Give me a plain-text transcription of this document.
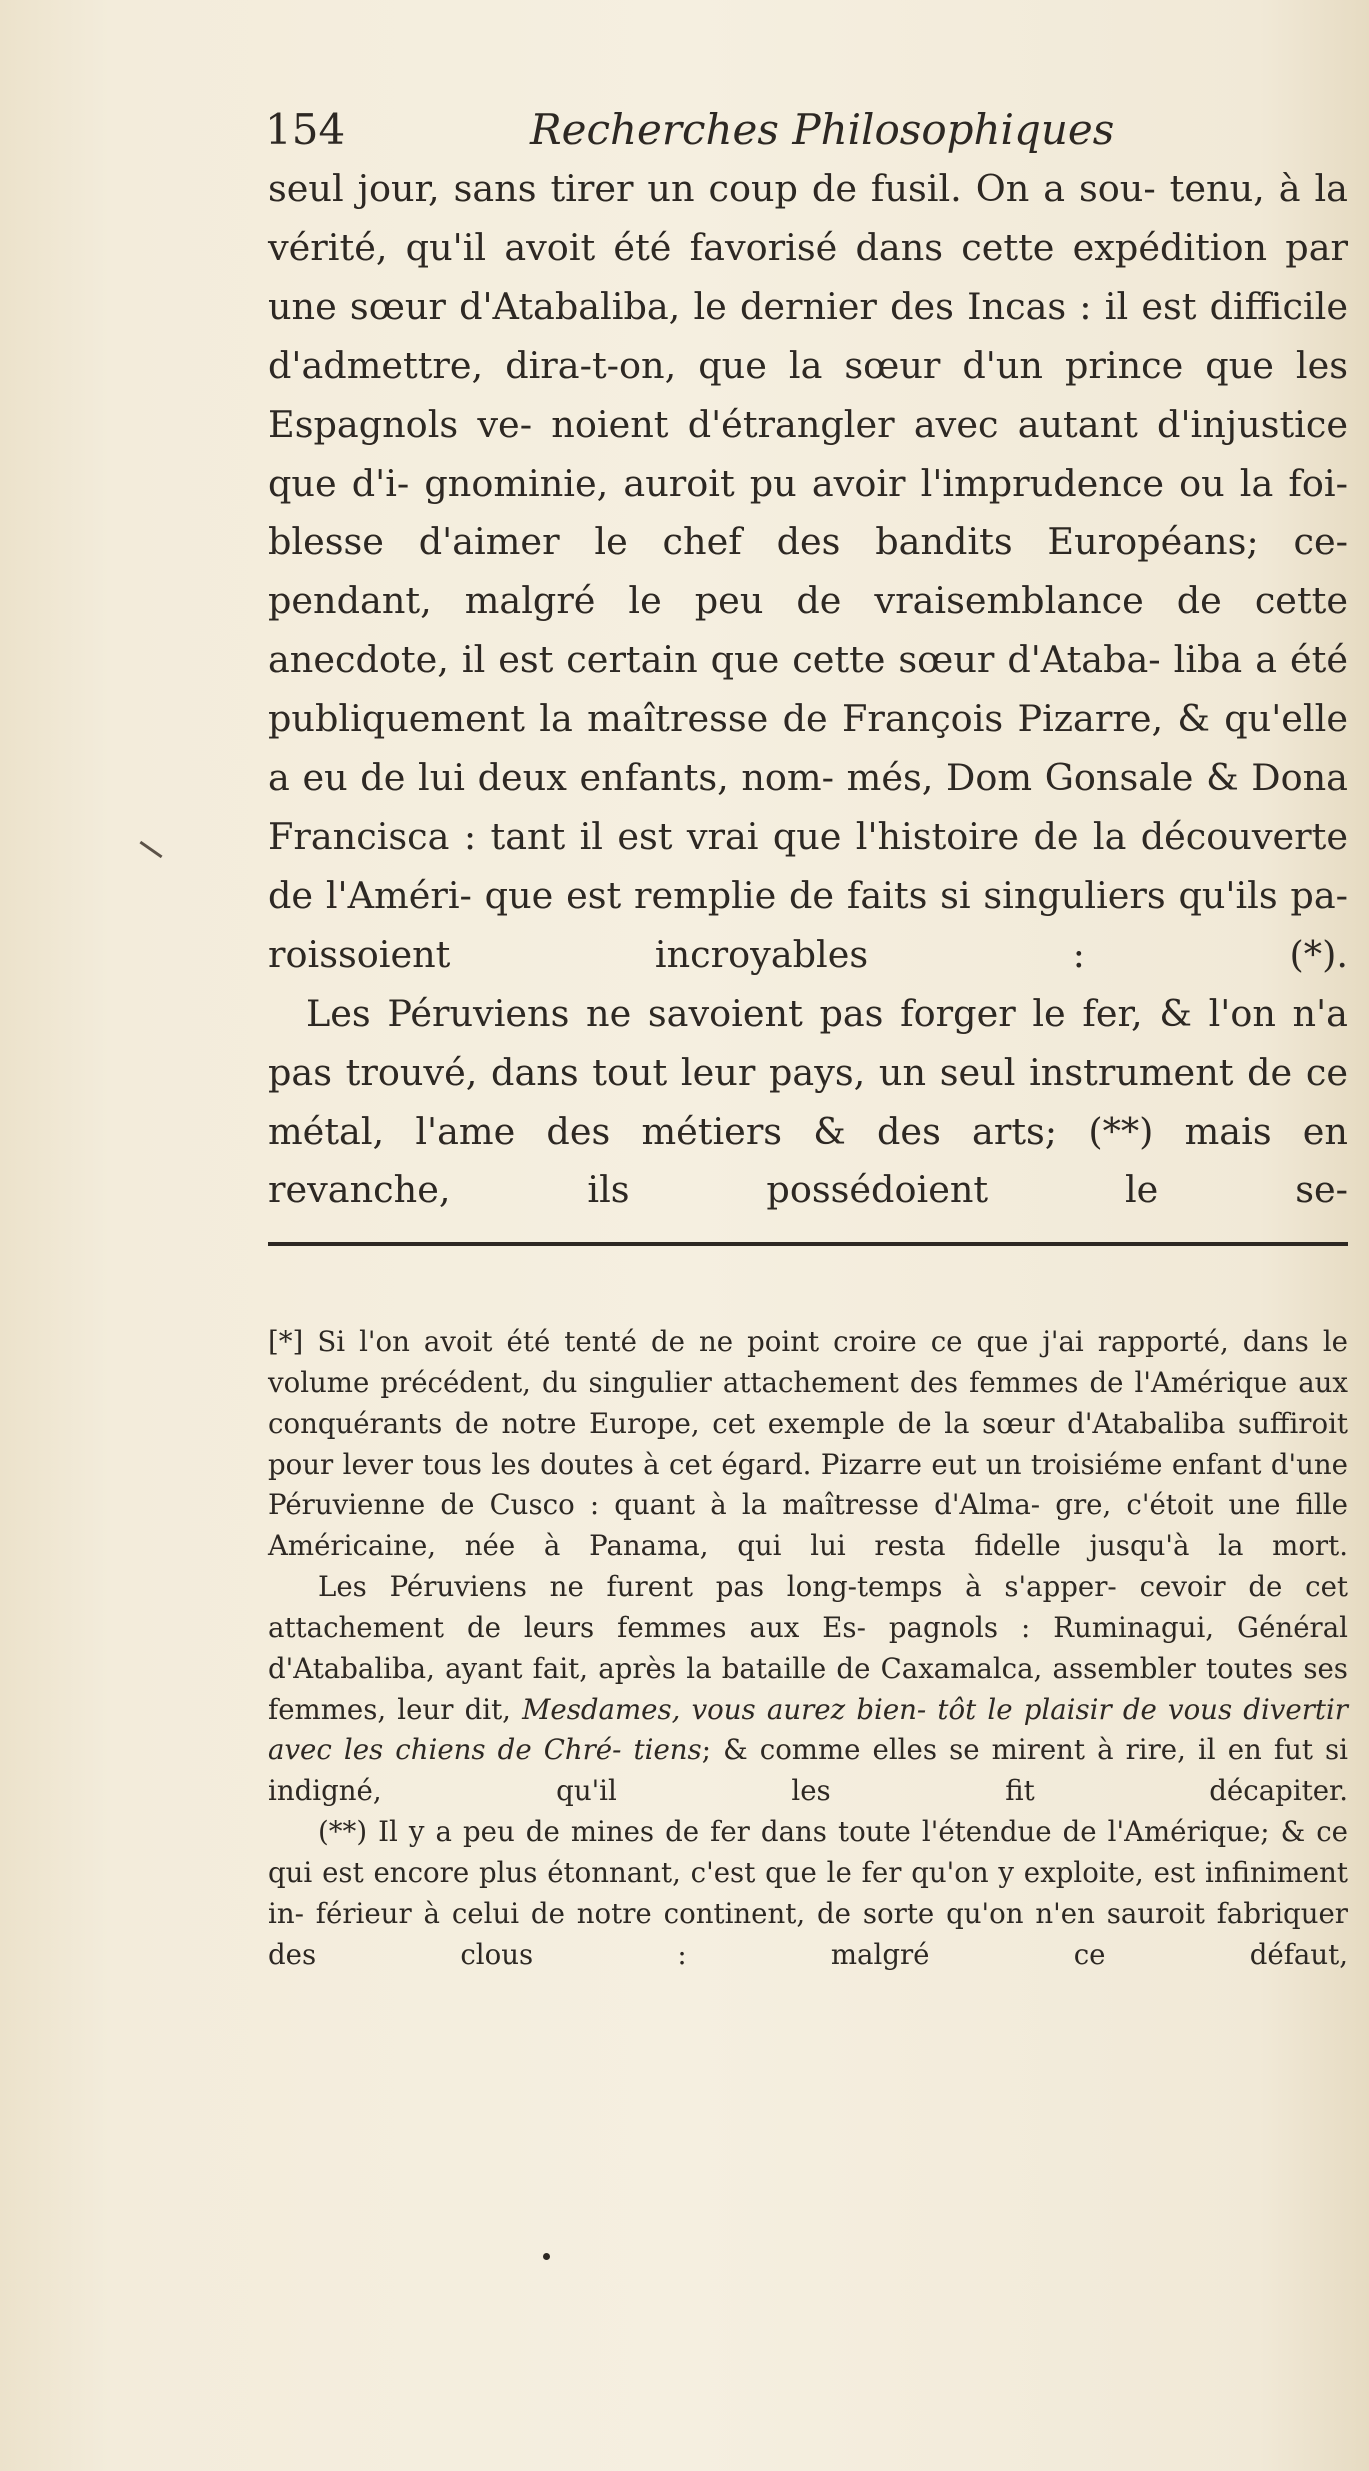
154	Recherches Philosophiques

seul jour, sans tirer un coup de fusil. On a sou- tenu, à la vérité, qu'il avoit été favorisé dans cette expédition par une sœur d'Atabaliba, le dernier des Incas : il est difficile d'admettre, dira-t-on, que la sœur d'un prince que les Espagnols ve- noient d'étrangler avec autant d'injustice que d'i- gnominie, auroit pu avoir l'imprudence ou la foi- blesse d'aimer le chef des bandits Européans; ce- pendant, malgré le peu de vraisemblance de cette anecdote, il est certain que cette sœur d'Ataba- liba a été publiquement la maîtresse de François Pizarre, & qu'elle a eu de lui deux enfants, nom- més, Dom Gonsale & Dona Francisca : tant il est vrai que l'histoire de la découverte de l'Améri- que est remplie de faits si singuliers qu'ils pa- roissoient incroyables : (*).

Les Péruviens ne savoient pas forger le fer, & l'on n'a pas trouvé, dans tout leur pays, un seul instrument de ce métal, l'ame des métiers & des arts; (**) mais en revanche, ils possédoient le se-

[*] Si l'on avoit été tenté de ne point croire ce que j'ai rapporté, dans le volume précédent, du singulier attachement des femmes de l'Amérique aux conquérants de notre Europe, cet exemple de la sœur d'Atabaliba suffiroit pour lever tous les doutes à cet égard. Pizarre eut un troisiéme enfant d'une Péruvienne de Cusco : quant à la maîtresse d'Alma- gre, c'étoit une fille Américaine, née à Panama, qui lui resta fidelle jusqu'à la mort.

Les Péruviens ne furent pas long-temps à s'apper- cevoir de cet attachement de leurs femmes aux Es- pagnols : Ruminagui, Général d'Atabaliba, ayant fait, après la bataille de Caxamalca, assembler toutes ses femmes, leur dit, Mesdames, vous aurez bien- tôt le plaisir de vous divertir avec les chiens de Chré- tiens; & comme elles se mirent à rire, il en fut si indigné, qu'il les fit décapiter.

(**) Il y a peu de mines de fer dans toute l'étendue de l'Amérique; & ce qui est encore plus étonnant, c'est que le fer qu'on y exploite, est infiniment in- férieur à celui de notre continent, de sorte qu'on n'en sauroit fabriquer des clous : malgré ce défaut,
